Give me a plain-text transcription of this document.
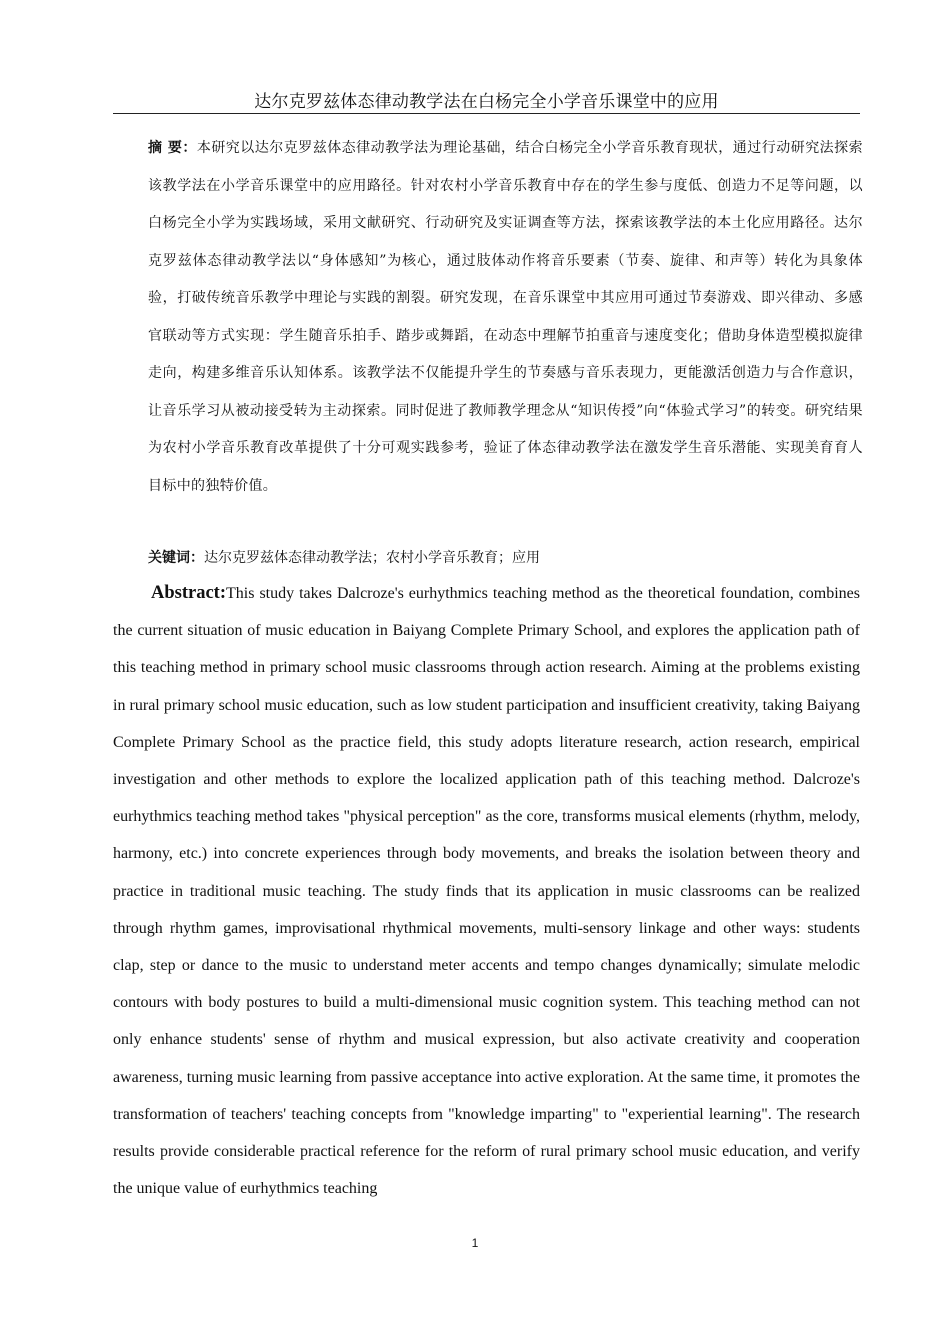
达尔克罗兹体态律动教学法在白杨完全小学音乐课堂中的应用

摘 要：本研究以达尔克罗兹体态律动教学法为理论基础，结合白杨完全小学音乐教育现状，通过行动研究法探索该教学法在小学音乐课堂中的应用路径。针对农村小学音乐教育中存在的学生参与度低、创造力不足等问题，以白杨完全小学为实践场域，采用文献研究、行动研究及实证调查等方法，探索该教学法的本土化应用路径。达尔克罗兹体态律动教学法以“身体感知”为核心，通过肢体动作将音乐要素（节奏、旋律、和声等）转化为具象体验，打破传统音乐教学中理论与实践的割裂。研究发现，在音乐课堂中其应用可通过节奏游戏、即兴律动、多感官联动等方式实现：学生随音乐拍手、踏步或舞蹈，在动态中理解节拍重音与速度变化；借助身体造型模拟旋律走向，构建多维音乐认知体系。该教学法不仅能提升学生的节奏感与音乐表现力，更能激活创造力与合作意识，让音乐学习从被动接受转为主动探索。同时促进了教师教学理念从“知识传授”向“体验式学习”的转变。研究结果为农村小学音乐教育改革提供了十分可观实践参考，验证了体态律动教学法在激发学生音乐潜能、实现美育育人目标中的独特价值。

关键词：达尔克罗兹体态律动教学法；农村小学音乐教育；应用

Abstract:This study takes Dalcroze's eurhythmics teaching method as the theoretical foundation, combines the current situation of music education in Baiyang Complete Primary School, and explores the application path of this teaching method in primary school music classrooms through action research. Aiming at the problems existing in rural primary school music education, such as low student participation and insufficient creativity, taking Baiyang Complete Primary School as the practice field, this study adopts literature research, action research, empirical investigation and other methods to explore the localized application path of this teaching method. Dalcroze's eurhythmics teaching method takes "physical perception" as the core, transforms musical elements (rhythm, melody, harmony, etc.) into concrete experiences through body movements, and breaks the isolation between theory and practice in traditional music teaching. The study finds that its application in music classrooms can be realized through rhythm games, improvisational rhythmical movements, multi-sensory linkage and other ways: students clap, step or dance to the music to understand meter accents and tempo changes dynamically; simulate melodic contours with body postures to build a multi-dimensional music cognition system. This teaching method can not only enhance students' sense of rhythm and musical expression, but also activate creativity and cooperation awareness, turning music learning from passive acceptance into active exploration. At the same time, it promotes the transformation of teachers' teaching concepts from "knowledge imparting" to "experiential learning". The research results provide considerable practical reference for the reform of rural primary school music education, and verify the unique value of eurhythmics teaching

1
